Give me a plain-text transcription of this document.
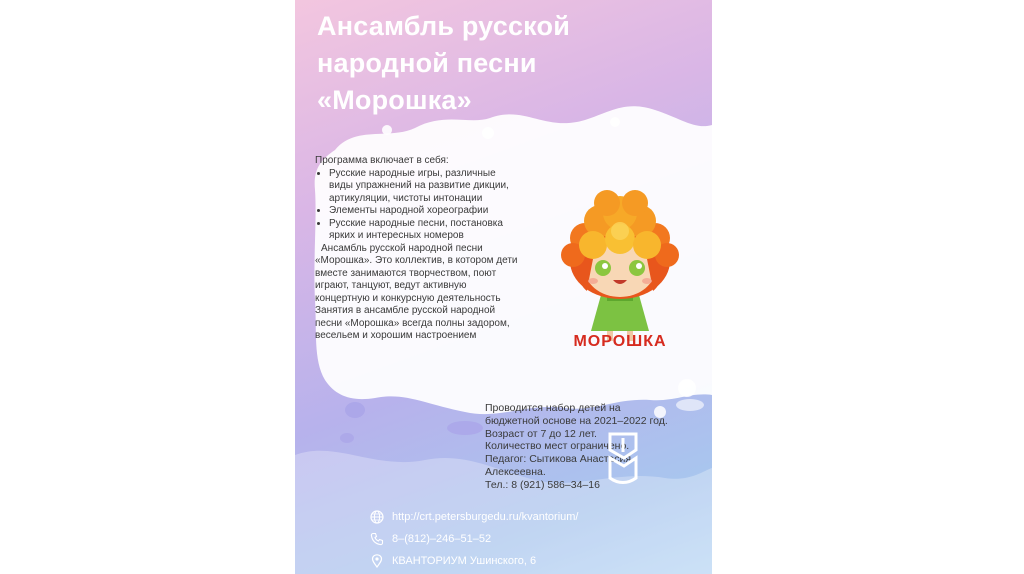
Ансамбль русской
народной песни
«Морошка»

Программа включает в себя:

• Русские народные игры, различные
виды упражнений на развитие дикции,
артикуляции, чистоты интонации
• Элементы народной хореографии
• Русские народные песни, постановка
ярких и интересных номеров

Ансамбль русской народной песни

«Морошка». Это коллектив, в котором дети

вместе занимаются творчеством, поют

играют, танцуют, ведут активную

концертную и конкурсную деятельность

Занятия в ансамбле русской народной

песни «Морошка» всегда полны задором,

весельем и хорошим настроением	МОРОШКА
Проводится набор детей на
бюджетной основе на 2021–2022 год.
Возраст от 7 до 12 лет.
Количество мест ограничено.
Педагог: Сытикова Анастасия
Алексеевна.
Тел.: 8 (921) 586–34–16
http://crt.petersburgedu.ru/kvantorium/
8–(812)–246–51–52
КВАНТОРИУМ Ушинского, 6
